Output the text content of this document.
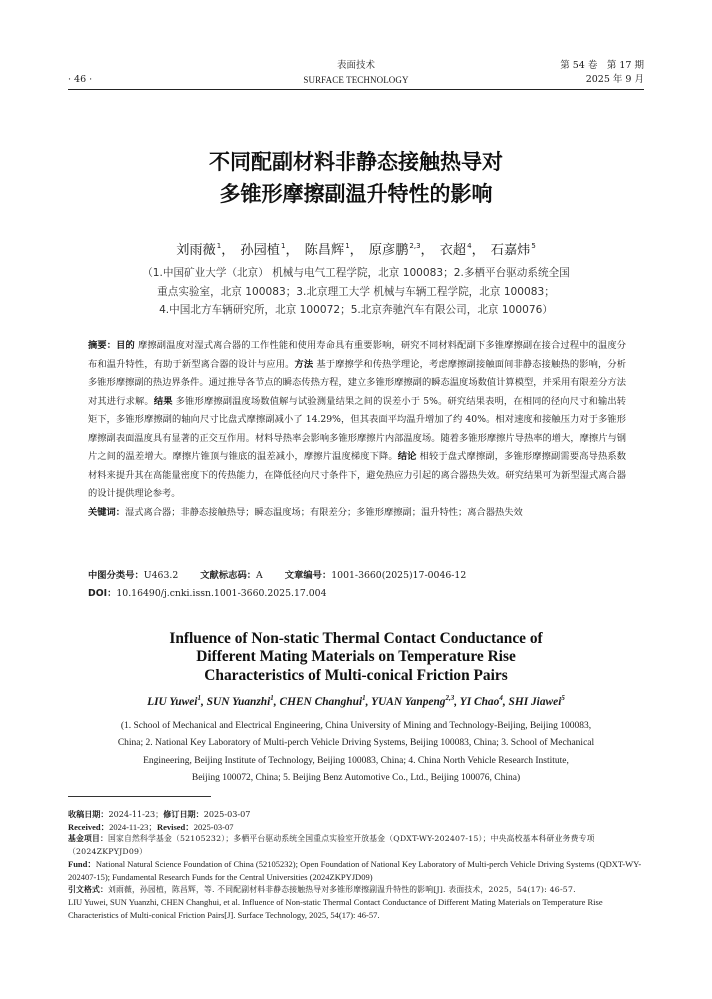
表面技术
SURFACE TECHNOLOGY
· 46 ·
第 54 卷　第 17 期
2025 年 9 月
不同配副材料非静态接触热导对
多锥形摩擦副温升特性的影响
刘雨薇$^1$， 孙园植$^1$， 陈昌辉$^1$， 原彦鹏$^{2,3}$， 衣超$^4$， 石嘉炜$^5$
（1.中国矿业大学（北京） 机械与电气工程学院，北京 100083；2.多栖平台驱动系统全国
重点实验室，北京 100083；3.北京理工大学 机械与车辆工程学院，北京 100083；
4.中国北方车辆研究所，北京 100072；5.北京奔驰汽车有限公司，北京 100076）
摘要：目的 摩擦副温度对湿式离合器的工作性能和使用寿命具有重要影响，研究不同材料配副下多锥摩擦副在接合过程中的温度分布和温升特性，有助于新型离合器的设计与应用。方法 基于摩擦学和传热学理论，考虑摩擦副接触面间非静态接触热的影响，分析多锥形摩擦副的热边界条件。通过推导各节点的瞬态传热方程，建立多锥形摩擦副的瞬态温度场数值计算模型，并采用有限差分方法对其进行求解。结果 多锥形摩擦副温度场数值解与试验测量结果之间的误差小于 5%。研究结果表明，在相同的径向尺寸和输出转矩下，多锥形摩擦副的轴向尺寸比盘式摩擦副减小了 14.29%，但其表面平均温升增加了约 40%。相对速度和接触压力对于多锥形摩擦副表面温度具有显著的正交互作用。材料导热率会影响多锥形摩擦片内部温度场。随着多锥形摩擦片导热率的增大，摩擦片与钢片之间的温差增大。摩擦片锥顶与锥底的温差减小，摩擦片温度梯度下降。结论 相较于盘式摩擦副，多锥形摩擦副需要高导热系数材料来提升其在高能量密度下的传热能力，在降低径向尺寸条件下，避免热应力引起的离合器热失效。研究结果可为新型湿式离合器的设计提供理论参考。
关键词：湿式离合器；非静态接触热导；瞬态温度场；有限差分；多锥形摩擦副；温升特性；离合器热失效
中图分类号：U463.2 文献标志码：A 文章编号：1001-3660(2025)17-0046-12
DOI：10.16490/j.cnki.issn.1001-3660.2025.17.004
Influence of Non-static Thermal Contact Conductance of
Different Mating Materials on Temperature Rise
Characteristics of Multi-conical Friction Pairs
LIU Yuwei$^1$, SUN Yuanzhi$^1$, CHEN Changhui$^1$, YUAN Yanpeng$^{2,3}$, YI Chao$^4$, SHI Jiawei$^5$
(1. School of Mechanical and Electrical Engineering, China University of Mining and Technology-Beijing, Beijing 100083,
China; 2. National Key Laboratory of Multi-perch Vehicle Driving Systems, Beijing 100083, China; 3. School of Mechanical
Engineering, Beijing Institute of Technology, Beijing 100083, China; 4. China North Vehicle Research Institute,
Beijing 100072, China; 5. Beijing Benz Automotive Co., Ltd., Beijing 100076, China)
收稿日期：2024-11-23；修订日期：2025-03-07
Received：2024-11-23；Revised：2025-03-07
基金项目：国家自然科学基金（52105232）；多栖平台驱动系统全国重点实验室开放基金（QDXT-WY-202407-15）；中央高校基本科研业务费专项（2024ZKPYJD09）
Fund：National Natural Science Foundation of China (52105232); Open Foundation of National Key Laboratory of Multi-perch Vehicle Driving Systems (QDXT-WY-202407-15); Fundamental Research Funds for the Central Universities (2024ZKPYJD09)
引文格式：刘雨薇，孙园植，陈昌辉，等. 不同配副材料非静态接触热导对多锥形摩擦副温升特性的影响[J]. 表面技术，2025，54(17): 46-57.
LIU Yuwei, SUN Yuanzhi, CHEN Changhui, et al. Influence of Non-static Thermal Contact Conductance of Different Mating Materials on Temperature Rise Characteristics of Multi-conical Friction Pairs[J]. Surface Technology, 2025, 54(17): 46-57.
